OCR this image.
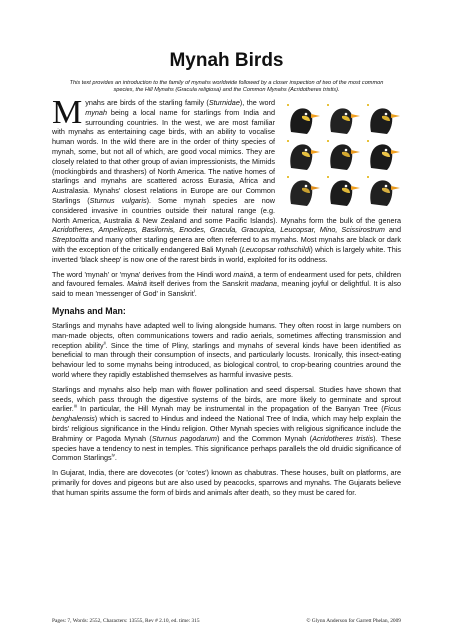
Mynah Birds

This text provides an introduction to the family of mynahs worldwide followed by a closer inspection of two of the most common species, the Hill Mynahs (Gracula religiosa) and the Common Mynahs (Acridotheres tristis).

Mynahs are birds of the starling family (Sturnidae), the word mynah being a local name for starlings from India and surrounding countries. In the west, we are most familiar with mynahs as entertaining cage birds, with an ability to vocalise human words. In the wild there are in the order of thirty species of mynah, some, but not all of which, are good vocal mimics. They are closely related to that other group of avian impressionists, the Mimids (mockingbirds and thrashers) of North America. The native homes of starlings and mynahs are scattered across Eurasia, Africa and Australasia. Mynahs' closest relations in Europe are our Common Starlings (Sturnus vulgaris). Some mynah species are now considered invasive in countries outside their natural range (e.g. North America, Australia & New Zealand and some Pacific Islands). Mynahs form the bulk of the genera Acridotheres, Ampeliceps, Basilornis, Enodes, Gracula, Gracupica, Leucopsar, Mino, Scissirostrum and Streptocitta and many other starling genera are often referred to as mynahs. Most mynahs are black or dark with the exception of the critically endangered Bali Mynah (Leucopsar rothschildi) which is largely white. This inverted 'black sheep' is now one of the rarest birds in world, exploited for its oddness.

The word 'mynah' or 'myna' derives from the Hindi word mainā, a term of endearment used for pets, children and favoured females. Mainā itself derives from the Sanskrit madana, meaning joyful or delightful. It is also said to mean 'messenger of God' in Sanskrit$^i$.

Mynahs and Man:

Starlings and mynahs have adapted well to living alongside humans. They often roost in large numbers on man-made objects, often communications towers and radio aerials, sometimes affecting transmission and reception ability$^{ii}$. Since the time of Pliny, starlings and mynahs of several kinds have been identified as beneficial to man through their consumption of insects, and particularly locusts. Ironically, this insect-eating behaviour led to some mynahs being introduced, as biological control, to crop-bearing countries around the world where they rapidly established themselves as harmful invasive pests.

Starlings and mynahs also help man with flower pollination and seed dispersal. Studies have shown that seeds, which pass through the digestive systems of the birds, are more likely to germinate and sprout earlier.$^{iii}$ In particular, the Hill Mynah may be instrumental in the propagation of the Banyan Tree (Ficus benghalensis) which is sacred to Hindus and indeed the National Tree of India, which may help explain the birds' religious significance in the Hindu religion. Other Mynah species with religious significance include the Brahminy or Pagoda Mynah (Sturnus pagodarum) and the Common Mynah (Acridotheres tristis). These species have a tendency to nest in temples. This significance perhaps parallels the old druidic significance of Common Starlings$^{iv}$.

In Gujarat, India, there are dovecotes (or 'cotes') known as chabutras. These houses, built on platforms, are primarily for doves and pigeons but are also used by peacocks, sparrows and mynahs. The Gujarats believe that human spirits assume the form of birds and animals after death, so they must be cared for.

Pages: 7, Words: 2552, Characters: 13555, Rev # 2.10, ed. time: 315	© Glynn Anderson for Garrett Phelan, 2009
